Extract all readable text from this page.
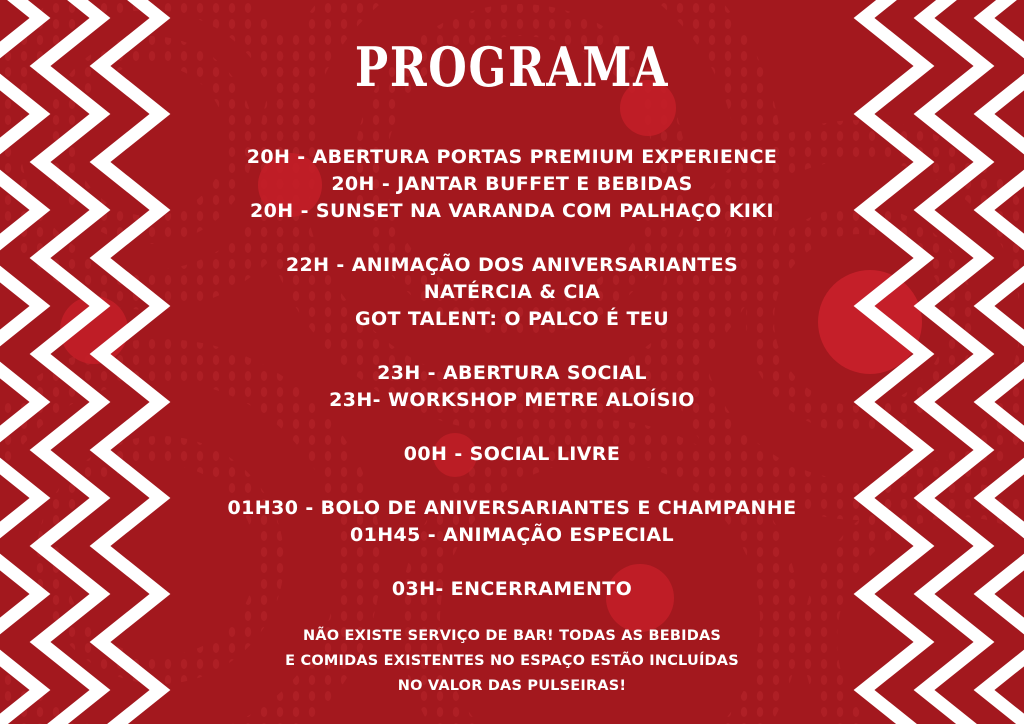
PROGRAMA
20H - ABERTURA PORTAS PREMIUM EXPERIENCE
20H - JANTAR BUFFET E BEBIDAS
20H - SUNSET NA VARANDA COM PALHAÇO KIKI
22H - ANIMAÇÃO DOS ANIVERSARIANTES
NATÉRCIA & CIA
GOT TALENT: O PALCO É TEU
23H - ABERTURA SOCIAL
23H- WORKSHOP METRE ALOÍSIO
00H - SOCIAL LIVRE
01H30 - BOLO DE ANIVERSARIANTES E CHAMPANHE
01H45 - ANIMAÇÃO ESPECIAL
03H- ENCERRAMENTO
NÃO EXISTE SERVIÇO DE BAR! TODAS AS BEBIDAS
E COMIDAS EXISTENTES NO ESPAÇO ESTÃO INCLUÍDAS
NO VALOR DAS PULSEIRAS!
